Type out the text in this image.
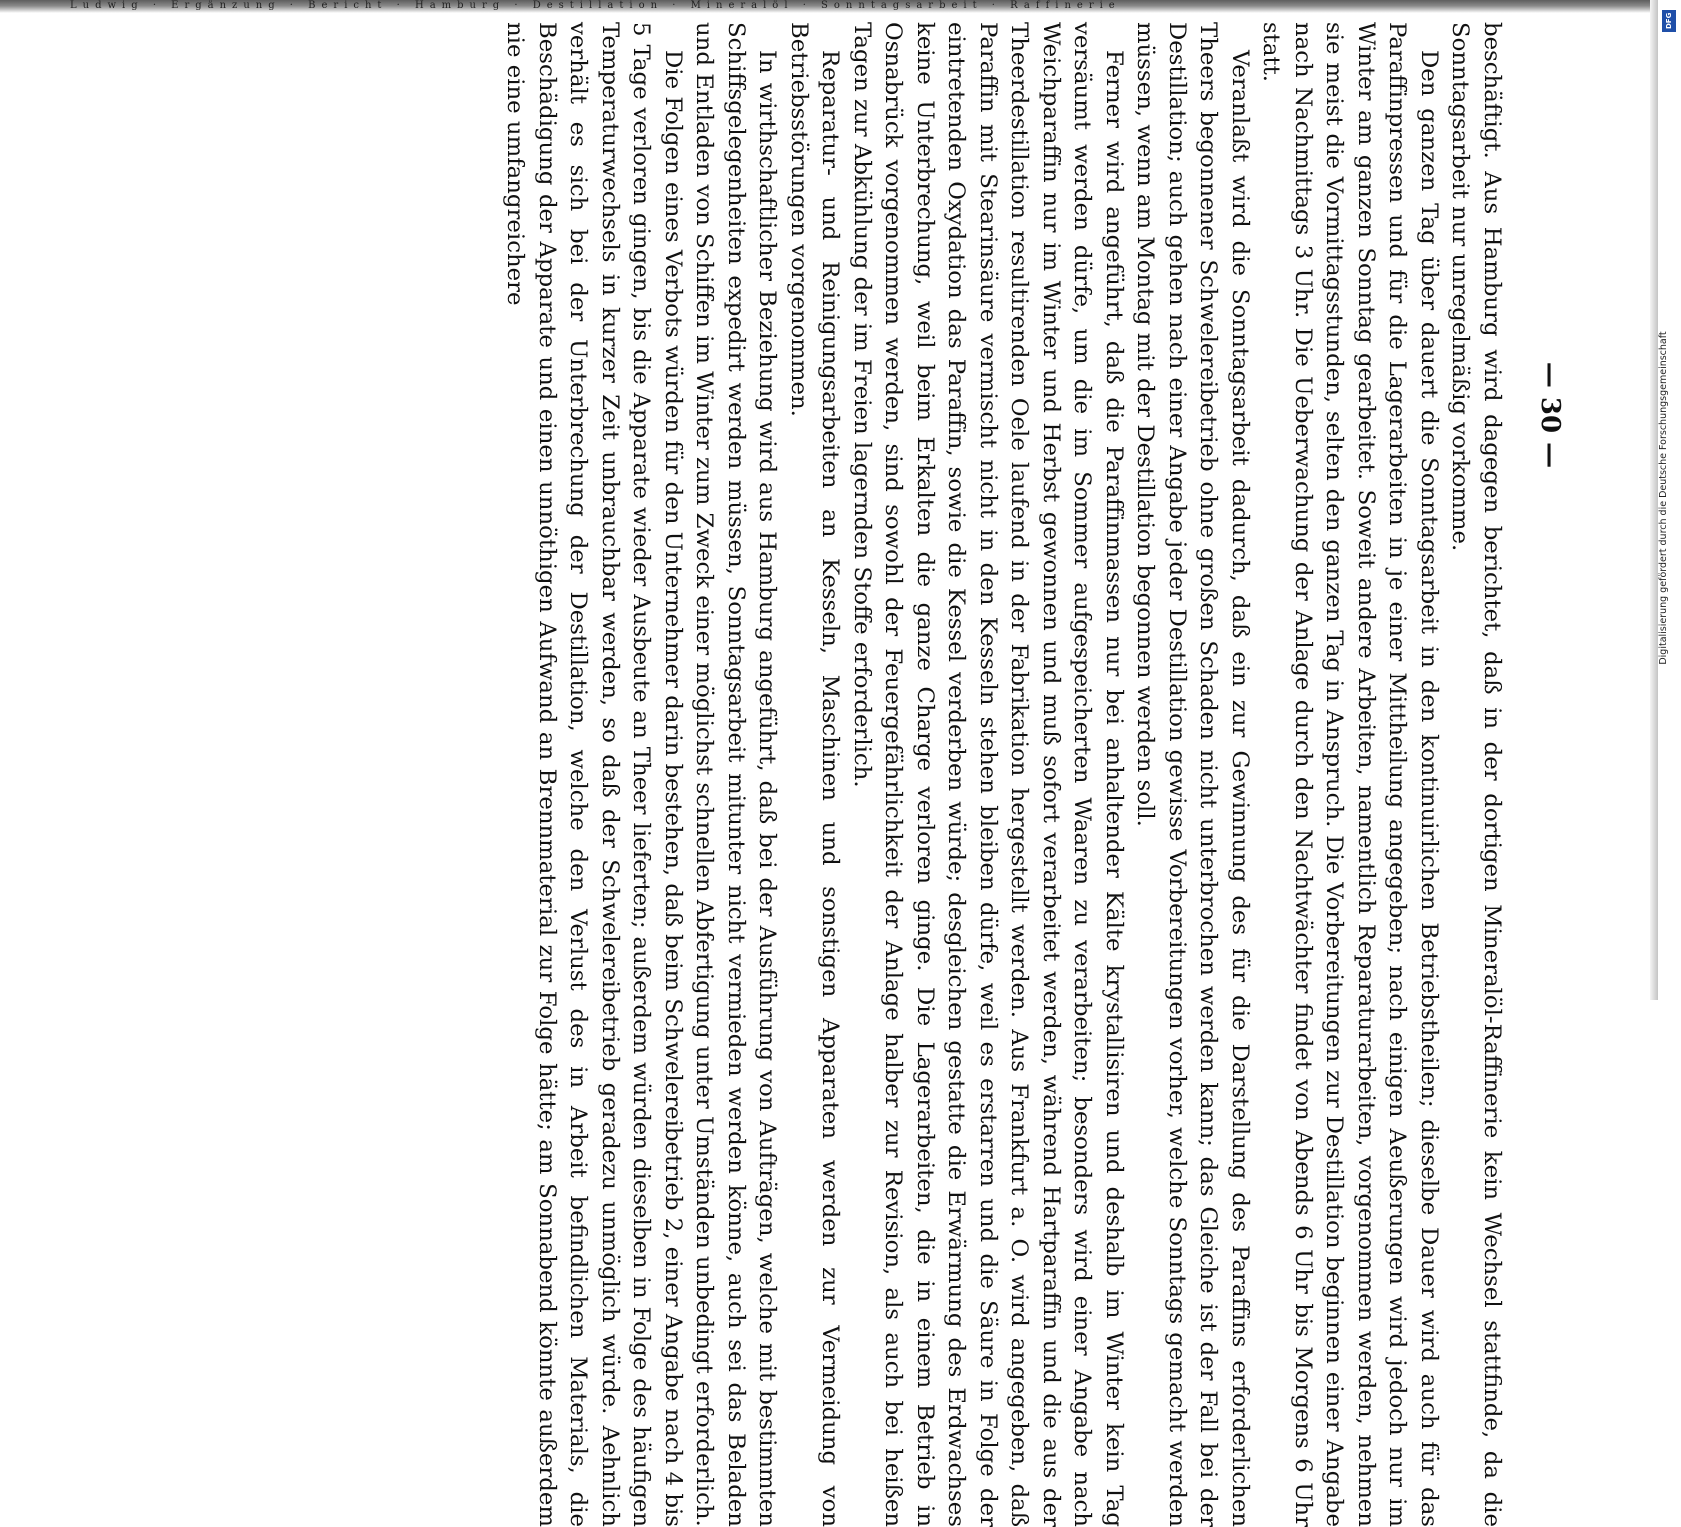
Ludwig · Ergänzung · Bericht · Hamburg · Destillation · Mineralöl · Sonntagsarbeit · Raffinerie
— 30 —

beschäftigt. Aus Hamburg wird dagegen berichtet, daß in der dortigen Mineralöl-Raffinerie kein Wechsel stattfinde, da die Sonntagsarbeit nur unregelmäßig vorkomme.

Den ganzen Tag über dauert die Sonntagsarbeit in den kontinuirlichen Betriebstheilen; dieselbe Dauer wird auch für das Paraffinpressen und für die Lagerarbeiten in je einer Mittheilung angegeben; nach einigen Aeußerungen wird jedoch nur im Winter am ganzen Sonntag gearbeitet. Soweit andere Arbeiten, namentlich Reparaturarbeiten, vorgenommen werden, nehmen sie meist die Vormittagsstunden, selten den ganzen Tag in Anspruch. Die Vorbereitungen zur Destillation beginnen einer Angabe nach Nachmittags 3 Uhr. Die Ueberwachung der Anlage durch den Nachtwächter findet von Abends 6 Uhr bis Morgens 6 Uhr statt.

Veranlaßt wird die Sonntagsarbeit dadurch, daß ein zur Gewinnung des für die Darstellung des Paraffins erforderlichen Theers begonnener Schwelereibetrieb ohne großen Schaden nicht unterbrochen werden kann; das Gleiche ist der Fall bei der Destillation; auch gehen nach einer Angabe jeder Destillation gewisse Vorbereitungen vorher, welche Sonntags gemacht werden müssen, wenn am Montag mit der Destillation begonnen werden soll.

Ferner wird angeführt, daß die Paraffinmassen nur bei anhaltender Kälte krystallisiren und deshalb im Winter kein Tag versäumt werden dürfe, um die im Sommer aufgespeicherten Waaren zu verarbeiten; besonders wird einer Angabe nach Weichparaffin nur im Winter und Herbst gewonnen und muß sofort verarbeitet werden, während Hartparaffin und die aus der Theerdestillation resultirenden Oele laufend in der Fabrikation hergestellt werden. Aus Frankfurt a. O. wird angegeben, daß Paraffin mit Stearinsäure vermischt nicht in den Kesseln stehen bleiben dürfe, weil es erstarren und die Säure in Folge der eintretenden Oxydation das Paraffin, sowie die Kessel verderben würde; desgleichen gestatte die Erwärmung des Erdwachses keine Unterbrechung, weil beim Erkalten die ganze Charge verloren ginge. Die Lagerarbeiten, die in einem Betrieb in Osnabrück vorgenommen werden, sind sowohl der Feuergefährlichkeit der Anlage halber zur Revision, als auch bei heißen Tagen zur Abkühlung der im Freien lagernden Stoffe erforderlich.

Reparatur- und Reinigungsarbeiten an Kesseln, Maschinen und sonstigen Apparaten werden zur Vermeidung von Betriebsstörungen vorgenommen.

In wirthschaftlicher Beziehung wird aus Hamburg angeführt, daß bei der Ausführung von Aufträgen, welche mit bestimmten Schiffsgelegenheiten expedirt werden müssen, Sonntagsarbeit mitunter nicht vermieden werden könne, auch sei das Beladen und Entladen von Schiffen im Winter zum Zweck einer möglichst schnellen Abfertigung unter Umständen unbedingt erforderlich.

Die Folgen eines Verbots würden für den Unternehmer darin bestehen, daß beim Schwelereibetrieb 2, einer Angabe nach 4 bis 5 Tage verloren gingen, bis die Apparate wieder Ausbeute an Theer lieferten; außerdem würden dieselben in Folge des häufigen Temperaturwechsels in kurzer Zeit unbrauchbar werden, so daß der Schwelereibetrieb geradezu unmöglich würde. Aehnlich verhält es sich bei der Unterbrechung der Destillation, welche den Verlust des in Arbeit befindlichen Materials, die Beschädigung der Apparate und einen unnöthigen Aufwand an Brennmaterial zur Folge hätte; am Sonnabend könnte außerdem nie eine umfangreichere

DFG
Digitalisierung gefördert durch die Deutsche Forschungsgemeinschaft
